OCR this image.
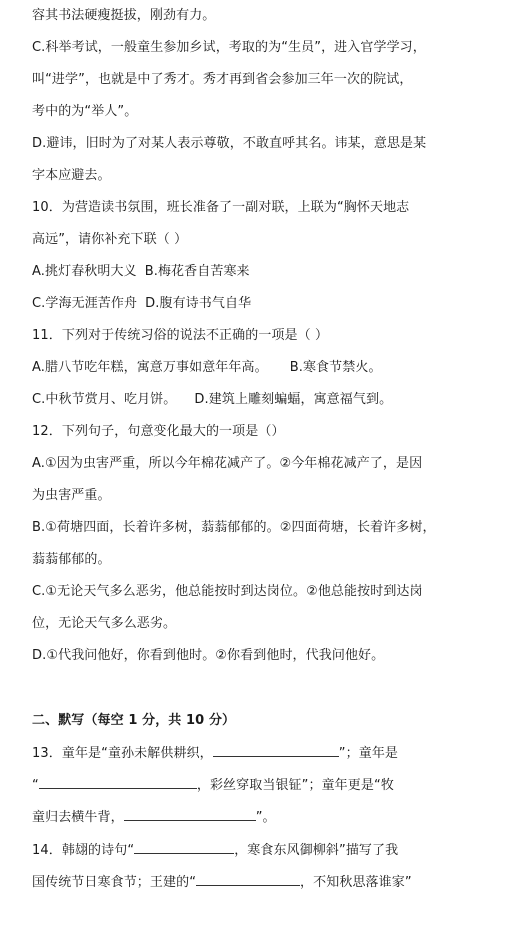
容其书法硬瘦挺拔，刚劲有力。
C.科举考试，一般童生参加乡试，考取的为“生员”，进入官学学习，
叫“进学”，也就是中了秀才。秀才再到省会参加三年一次的院试，
考中的为“举人”。
D.避讳，旧时为了对某人表示尊敬，不敢直呼其名。讳某，意思是某
字本应避去。
10．为营造读书氛围，班长准备了一副对联，上联为“胸怀天地志
高远”，请你补充下联（ ）
A.挑灯春秋明大义 B.梅花香自苦寒来
C.学海无涯苦作舟 D.腹有诗书气自华
11．下列对于传统习俗的说法不正确的一项是（ ）
A.腊八节吃年糕，寓意万事如意年年高。 B.寒食节禁火。
C.中秋节赏月、吃月饼。 D.建筑上雕刻蝙蝠，寓意福气到。
12．下列句子，句意变化最大的一项是（）
A.①因为虫害严重，所以今年棉花减产了。②今年棉花减产了，是因
为虫害严重。
B.①荷塘四面，长着许多树，蓊蓊郁郁的。②四面荷塘，长着许多树，
蓊蓊郁郁的。
C.①无论天气多么恶劣，他总能按时到达岗位。②他总能按时到达岗
位，无论天气多么恶劣。
D.①代我问他好，你看到他时。②你看到他时，代我问他好。
二、默写（每空 1 分，共 10 分）
13．童年是“童孙未解供耕织，	”；童年是
“	，彩丝穿取当银钲”；童年更是“牧
童归去横牛背，	”。
14．韩翃的诗句“	，寒食东风御柳斜”描写了我
国传统节日寒食节；王建的“	，不知秋思落谁家”
